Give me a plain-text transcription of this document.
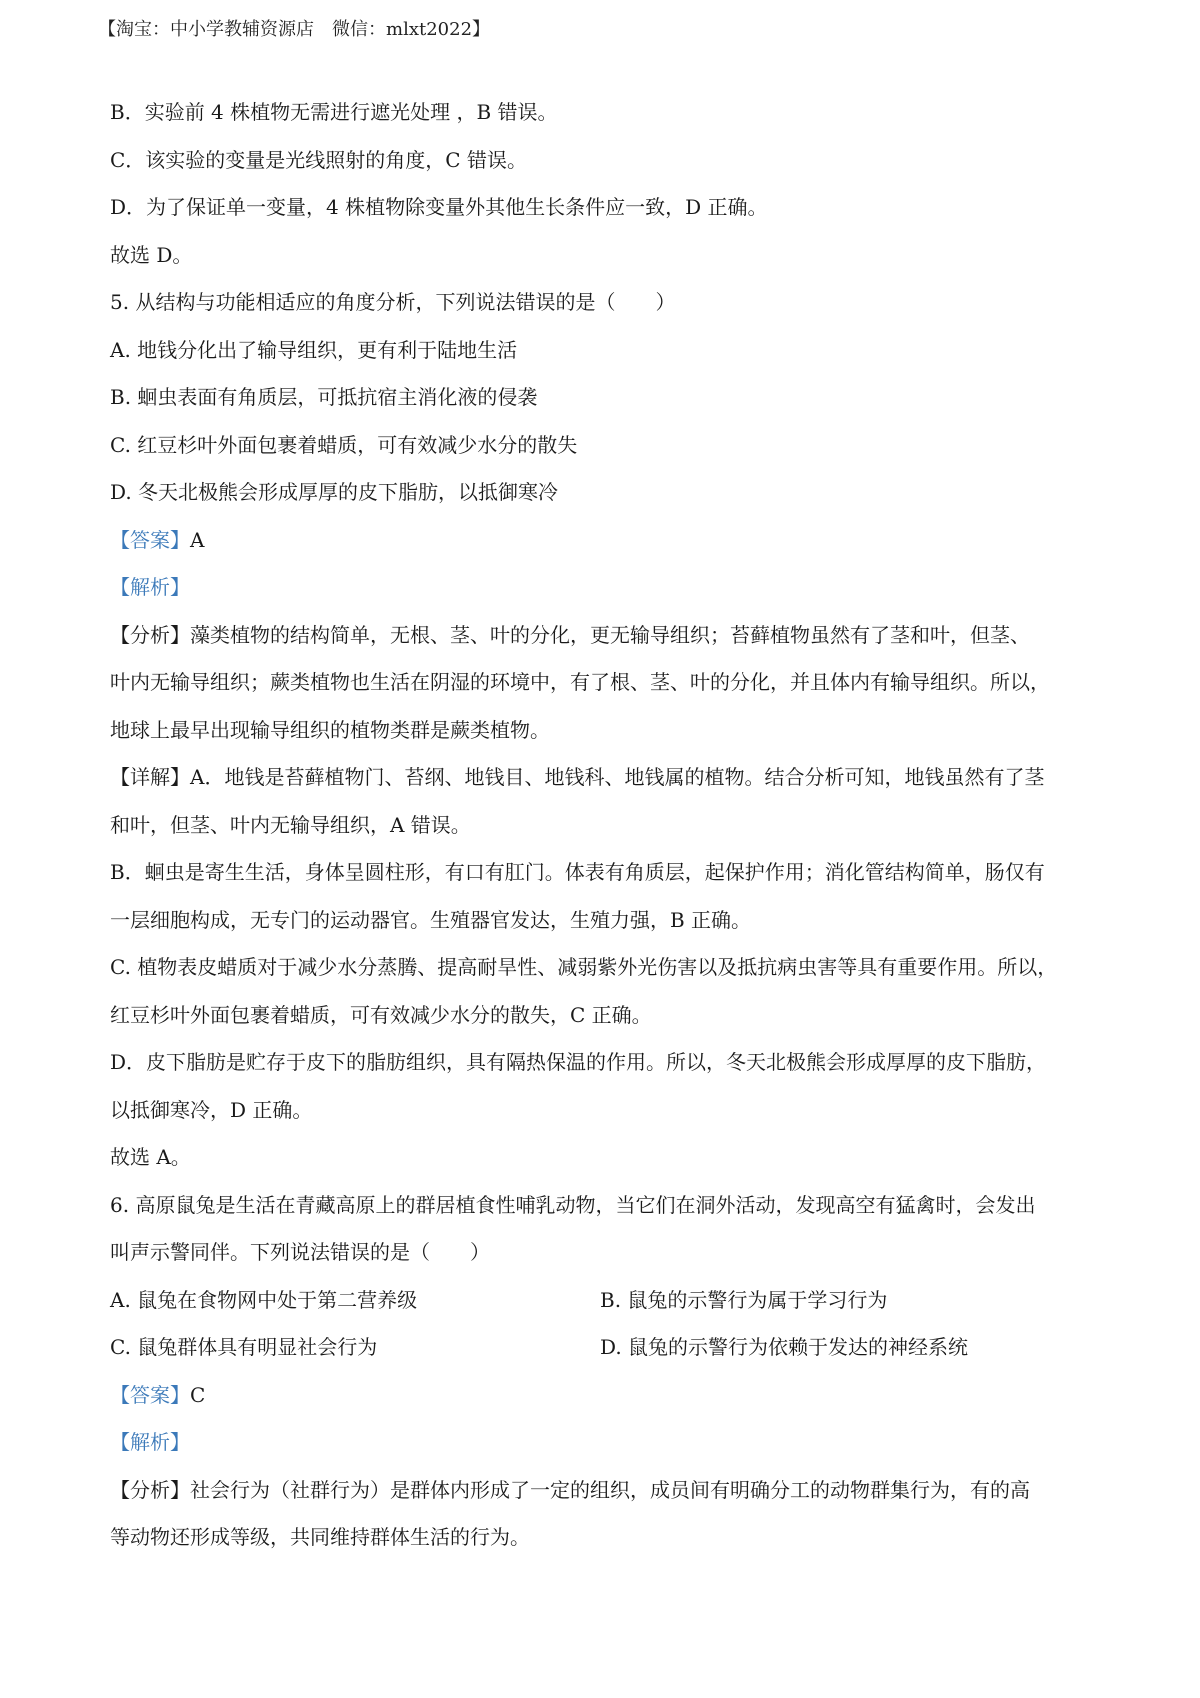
【淘宝：中小学教辅资源店　微信：mlxt2022】
B．实验前 4 株植物无需进行遮光处理 ，B 错误。
C．该实验的变量是光线照射的角度，C 错误。
D．为了保证单一变量，4 株植物除变量外其他生长条件应一致，D 正确。
故选 D。
5. 从结构与功能相适应的角度分析，下列说法错误的是（　　）
A. 地钱分化出了输导组织，更有利于陆地生活
B. 蛔虫表面有角质层，可抵抗宿主消化液的侵袭
C. 红豆杉叶外面包裹着蜡质，可有效减少水分的散失
D. 冬天北极熊会形成厚厚的皮下脂肪，以抵御寒冷
【答案】A
【解析】
【分析】藻类植物的结构简单，无根、茎、叶的分化，更无输导组织；苔藓植物虽然有了茎和叶，但茎、
叶内无输导组织；蕨类植物也生活在阴湿的环境中，有了根、茎、叶的分化，并且体内有输导组织。所以，
地球上最早出现输导组织的植物类群是蕨类植物。
【详解】A．地钱是苔藓植物门、苔纲、地钱目、地钱科、地钱属的植物。结合分析可知，地钱虽然有了茎
和叶，但茎、叶内无输导组织，A 错误。
B．蛔虫是寄生生活，身体呈圆柱形，有口有肛门。体表有角质层，起保护作用；消化管结构简单，肠仅有
一层细胞构成，无专门的运动器官。生殖器官发达，生殖力强，B 正确。
C. 植物表皮蜡质对于减少水分蒸腾、提高耐旱性、减弱紫外光伤害以及抵抗病虫害等具有重要作用。所以，
红豆杉叶外面包裹着蜡质，可有效减少水分的散失，C 正确。
D．皮下脂肪是贮存于皮下的脂肪组织，具有隔热保温的作用。所以，冬天北极熊会形成厚厚的皮下脂肪，
以抵御寒冷，D 正确。
故选 A。
6. 高原鼠兔是生活在青藏高原上的群居植食性哺乳动物，当它们在洞外活动，发现高空有猛禽时，会发出
叫声示警同伴。下列说法错误的是（　　）
A. 鼠兔在食物网中处于第二营养级	B. 鼠兔的示警行为属于学习行为
C. 鼠兔群体具有明显社会行为	D. 鼠兔的示警行为依赖于发达的神经系统
【答案】C
【解析】
【分析】社会行为（社群行为）是群体内形成了一定的组织，成员间有明确分工的动物群集行为，有的高
等动物还形成等级，共同维持群体生活的行为。
